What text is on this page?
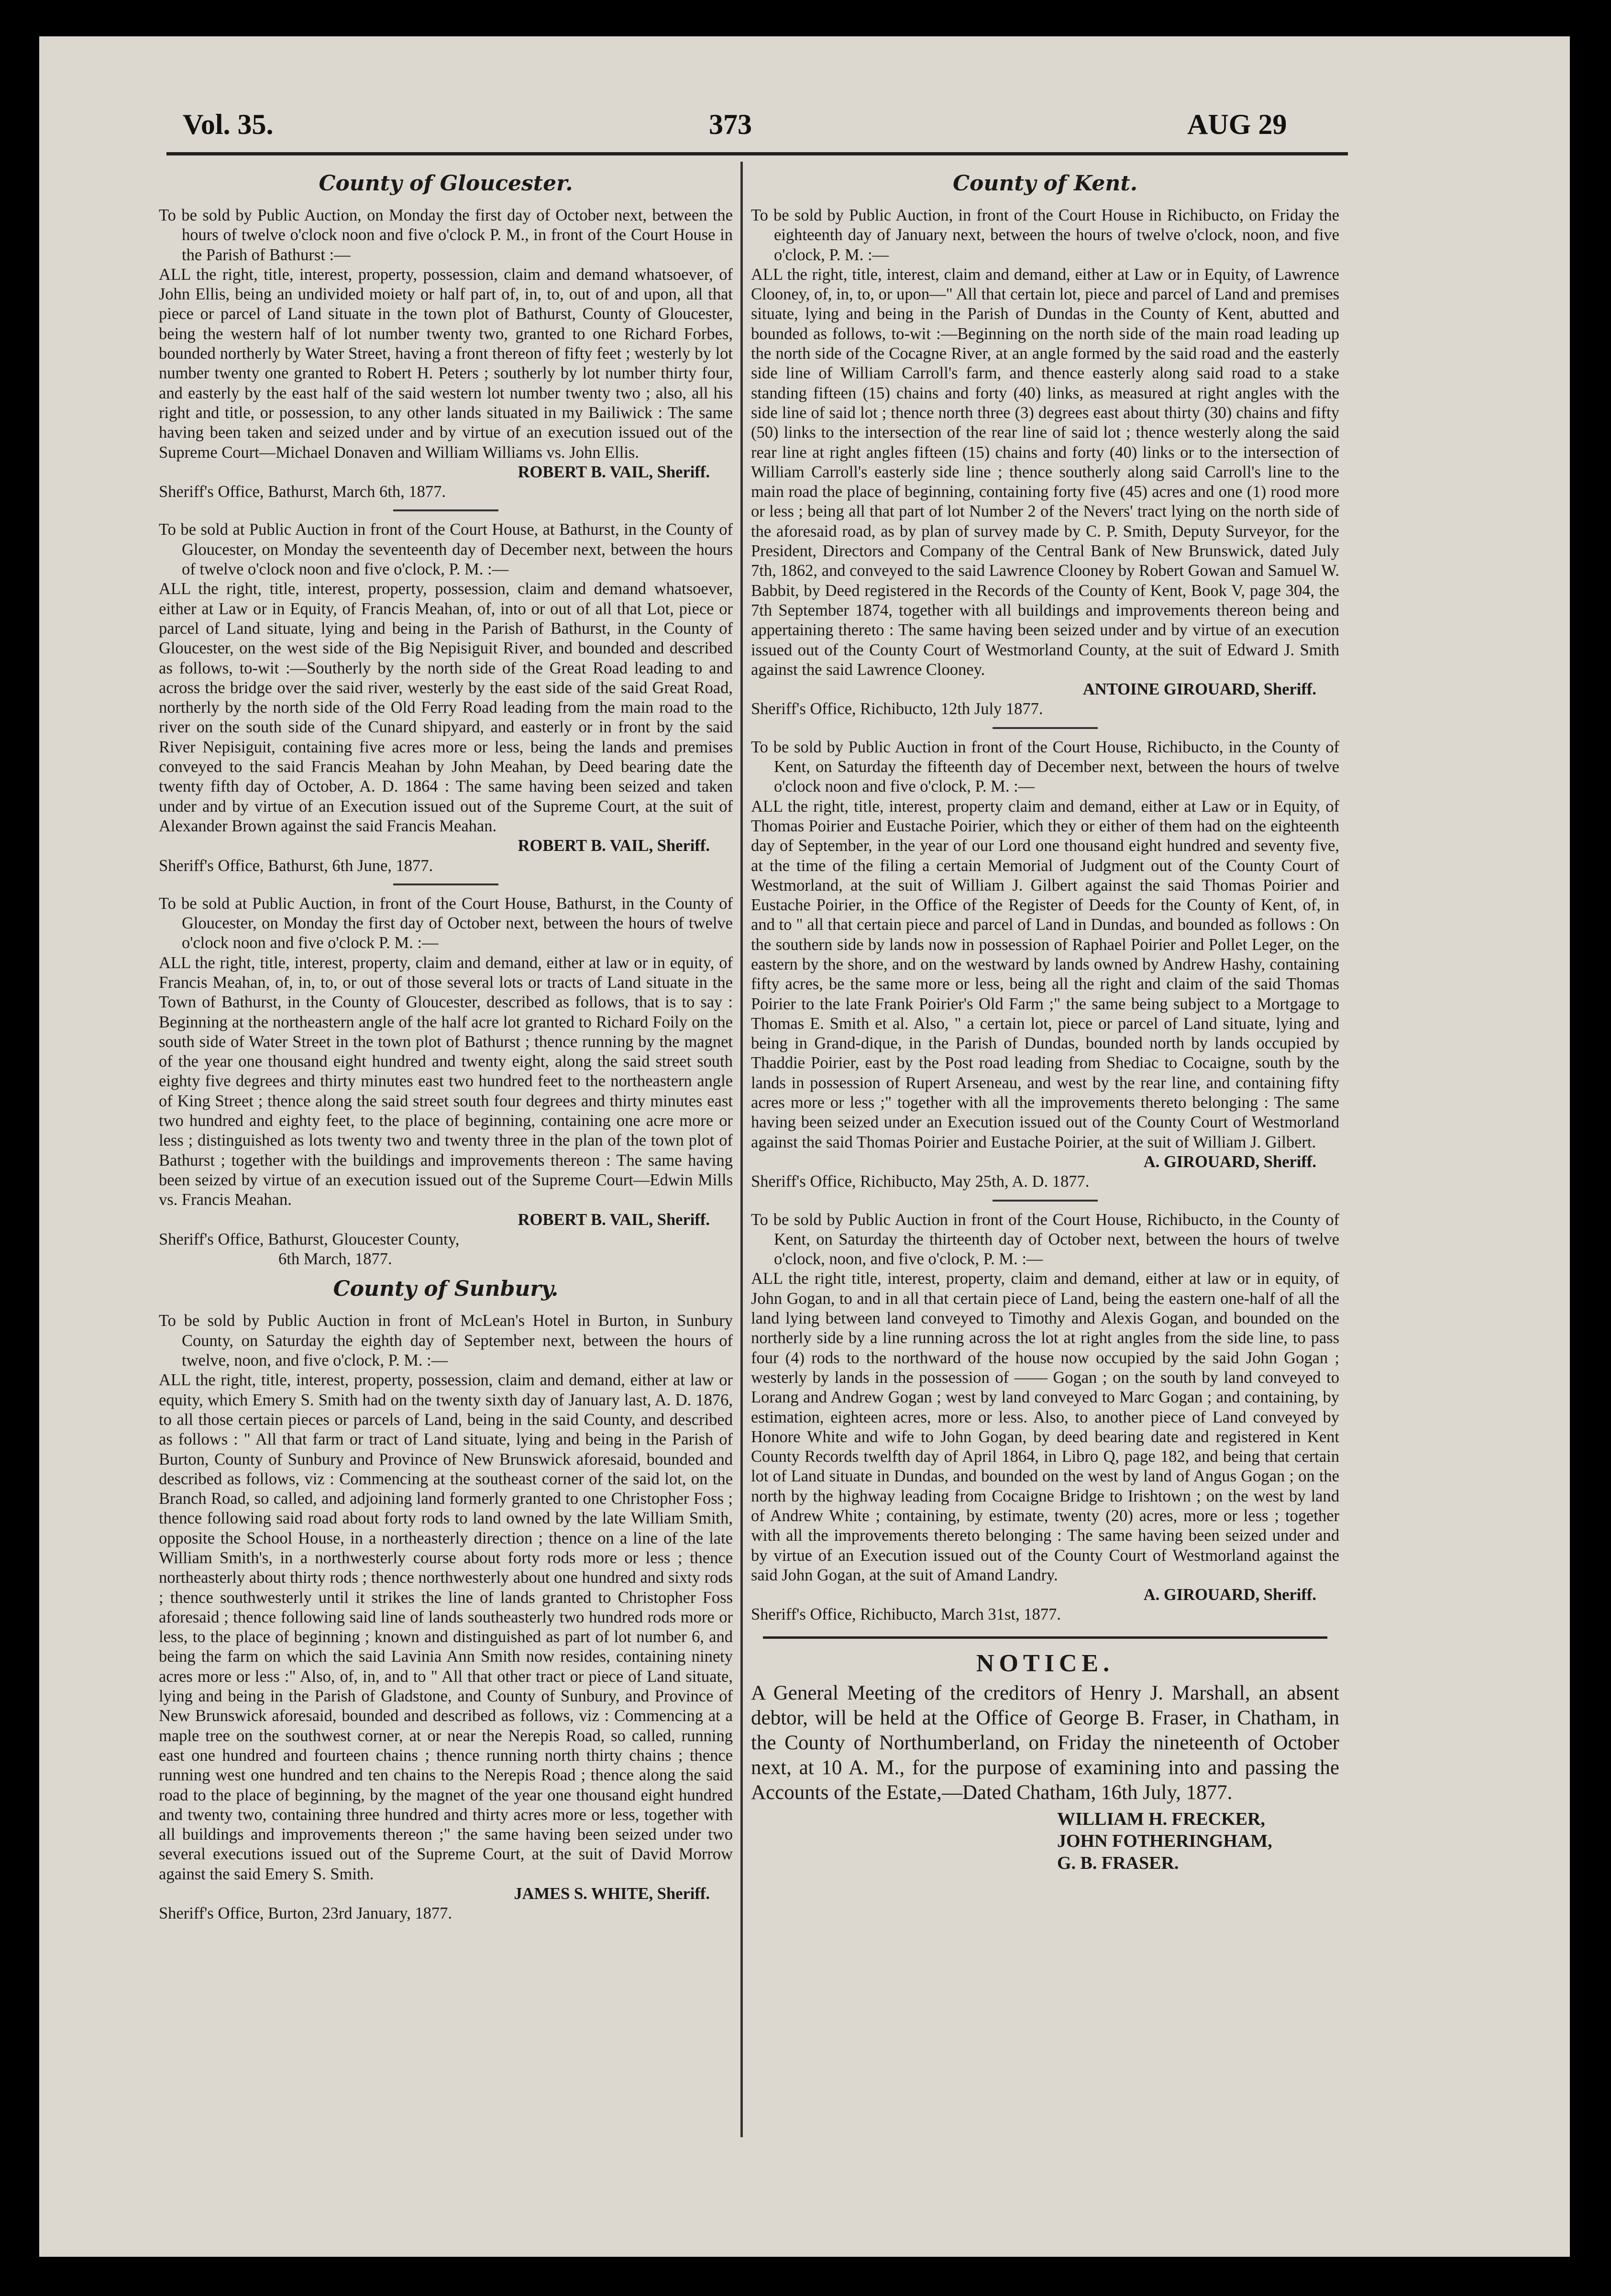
Vol. 35.	373	AUG 29
County of Gloucester.

To be sold by Public Auction, on Monday the first day of October next, between the hours of twelve o'clock noon and five o'clock P. M., in front of the Court House in the Parish of Bathurst :—

ALL the right, title, interest, property, possession, claim and demand whatsoever, of John Ellis, being an undivided moiety or half part of, in, to, out of and upon, all that piece or parcel of Land situate in the town plot of Bathurst, County of Gloucester, being the western half of lot number twenty two, granted to one Richard Forbes, bounded northerly by Water Street, having a front thereon of fifty feet ; westerly by lot number twenty one granted to Robert H. Peters ; southerly by lot number thirty four, and easterly by the east half of the said western lot number twenty two ; also, all his right and title, or possession, to any other lands situated in my Bailiwick : The same having been taken and seized under and by virtue of an execution issued out of the Supreme Court—Michael Donaven and William Williams vs. John Ellis.

ROBERT B. VAIL, Sheriff.

Sheriff's Office, Bathurst, March 6th, 1877.

To be sold at Public Auction in front of the Court House, at Bathurst, in the County of Gloucester, on Monday the seventeenth day of December next, between the hours of twelve o'clock noon and five o'clock, P. M. :—

ALL the right, title, interest, property, possession, claim and demand whatsoever, either at Law or in Equity, of Francis Meahan, of, into or out of all that Lot, piece or parcel of Land situate, lying and being in the Parish of Bathurst, in the County of Gloucester, on the west side of the Big Nepisiguit River, and bounded and described as follows, to-wit :—Southerly by the north side of the Great Road leading to and across the bridge over the said river, westerly by the east side of the said Great Road, northerly by the north side of the Old Ferry Road leading from the main road to the river on the south side of the Cunard shipyard, and easterly or in front by the said River Nepisiguit, containing five acres more or less, being the lands and premises conveyed to the said Francis Meahan by John Meahan, by Deed bearing date the twenty fifth day of October, A. D. 1864 : The same having been seized and taken under and by virtue of an Execution issued out of the Supreme Court, at the suit of Alexander Brown against the said Francis Meahan.

ROBERT B. VAIL, Sheriff.

Sheriff's Office, Bathurst, 6th June, 1877.

To be sold at Public Auction, in front of the Court House, Bathurst, in the County of Gloucester, on Monday the first day of October next, between the hours of twelve o'clock noon and five o'clock P. M. :—

ALL the right, title, interest, property, claim and demand, either at law or in equity, of Francis Meahan, of, in, to, or out of those several lots or tracts of Land situate in the Town of Bathurst, in the County of Gloucester, described as follows, that is to say : Beginning at the northeastern angle of the half acre lot granted to Richard Foily on the south side of Water Street in the town plot of Bathurst ; thence running by the magnet of the year one thousand eight hundred and twenty eight, along the said street south eighty five degrees and thirty minutes east two hundred feet to the northeastern angle of King Street ; thence along the said street south four degrees and thirty minutes east two hundred and eighty feet, to the place of beginning, containing one acre more or less ; distinguished as lots twenty two and twenty three in the plan of the town plot of Bathurst ; together with the buildings and improvements thereon : The same having been seized by virtue of an execution issued out of the Supreme Court—Edwin Mills vs. Francis Meahan.

ROBERT B. VAIL, Sheriff.

Sheriff's Office, Bathurst, Gloucester County,

6th March, 1877.

County of Sunbury.

To be sold by Public Auction in front of McLean's Hotel in Burton, in Sunbury County, on Saturday the eighth day of September next, between the hours of twelve, noon, and five o'clock, P. M. :—

ALL the right, title, interest, property, possession, claim and demand, either at law or equity, which Emery S. Smith had on the twenty sixth day of January last, A. D. 1876, to all those certain pieces or parcels of Land, being in the said County, and described as follows : " All that farm or tract of Land situate, lying and being in the Parish of Burton, County of Sunbury and Province of New Brunswick aforesaid, bounded and described as follows, viz : Commencing at the southeast corner of the said lot, on the Branch Road, so called, and adjoining land formerly granted to one Christopher Foss ; thence following said road about forty rods to land owned by the late William Smith, opposite the School House, in a northeasterly direction ; thence on a line of the late William Smith's, in a northwesterly course about forty rods more or less ; thence northeasterly about thirty rods ; thence northwesterly about one hundred and sixty rods ; thence southwesterly until it strikes the line of lands granted to Christopher Foss aforesaid ; thence following said line of lands southeasterly two hundred rods more or less, to the place of beginning ; known and distinguished as part of lot number 6, and being the farm on which the said Lavinia Ann Smith now resides, containing ninety acres more or less :" Also, of, in, and to " All that other tract or piece of Land situate, lying and being in the Parish of Gladstone, and County of Sunbury, and Province of New Brunswick aforesaid, bounded and described as follows, viz : Commencing at a maple tree on the southwest corner, at or near the Nerepis Road, so called, running east one hundred and fourteen chains ; thence running north thirty chains ; thence running west one hundred and ten chains to the Nerepis Road ; thence along the said road to the place of beginning, by the magnet of the year one thousand eight hundred and twenty two, containing three hundred and thirty acres more or less, together with all buildings and improvements thereon ;" the same having been seized under two several executions issued out of the Supreme Court, at the suit of David Morrow against the said Emery S. Smith.

JAMES S. WHITE, Sheriff.

Sheriff's Office, Burton, 23rd January, 1877.

County of Kent.

To be sold by Public Auction, in front of the Court House in Richibucto, on Friday the eighteenth day of January next, between the hours of twelve o'clock, noon, and five o'clock, P. M. :—

ALL the right, title, interest, claim and demand, either at Law or in Equity, of Lawrence Clooney, of, in, to, or upon—" All that certain lot, piece and parcel of Land and premises situate, lying and being in the Parish of Dundas in the County of Kent, abutted and bounded as follows, to-wit :—Beginning on the north side of the main road leading up the north side of the Cocagne River, at an angle formed by the said road and the easterly side line of William Carroll's farm, and thence easterly along said road to a stake standing fifteen (15) chains and forty (40) links, as measured at right angles with the side line of said lot ; thence north three (3) degrees east about thirty (30) chains and fifty (50) links to the intersection of the rear line of said lot ; thence westerly along the said rear line at right angles fifteen (15) chains and forty (40) links or to the intersection of William Carroll's easterly side line ; thence southerly along said Carroll's line to the main road the place of beginning, containing forty five (45) acres and one (1) rood more or less ; being all that part of lot Number 2 of the Nevers' tract lying on the north side of the aforesaid road, as by plan of survey made by C. P. Smith, Deputy Surveyor, for the President, Directors and Company of the Central Bank of New Brunswick, dated July 7th, 1862, and conveyed to the said Lawrence Clooney by Robert Gowan and Samuel W. Babbit, by Deed registered in the Records of the County of Kent, Book V, page 304, the 7th September 1874, together with all buildings and improvements thereon being and appertaining thereto : The same having been seized under and by virtue of an execution issued out of the County Court of Westmorland County, at the suit of Edward J. Smith against the said Lawrence Clooney.

ANTOINE GIROUARD, Sheriff.

Sheriff's Office, Richibucto, 12th July 1877.

To be sold by Public Auction in front of the Court House, Richibucto, in the County of Kent, on Saturday the fifteenth day of December next, between the hours of twelve o'clock noon and five o'clock, P. M. :—

ALL the right, title, interest, property claim and demand, either at Law or in Equity, of Thomas Poirier and Eustache Poirier, which they or either of them had on the eighteenth day of September, in the year of our Lord one thousand eight hundred and seventy five, at the time of the filing a certain Memorial of Judgment out of the County Court of Westmorland, at the suit of William J. Gilbert against the said Thomas Poirier and Eustache Poirier, in the Office of the Register of Deeds for the County of Kent, of, in and to " all that certain piece and parcel of Land in Dundas, and bounded as follows : On the southern side by lands now in possession of Raphael Poirier and Pollet Leger, on the eastern by the shore, and on the westward by lands owned by Andrew Hashy, containing fifty acres, be the same more or less, being all the right and claim of the said Thomas Poirier to the late Frank Poirier's Old Farm ;" the same being subject to a Mortgage to Thomas E. Smith et al. Also, " a certain lot, piece or parcel of Land situate, lying and being in Grand-dique, in the Parish of Dundas, bounded north by lands occupied by Thaddie Poirier, east by the Post road leading from Shediac to Cocaigne, south by the lands in possession of Rupert Arseneau, and west by the rear line, and containing fifty acres more or less ;" together with all the improvements thereto belonging : The same having been seized under an Execution issued out of the County Court of Westmorland against the said Thomas Poirier and Eustache Poirier, at the suit of William J. Gilbert.

A. GIROUARD, Sheriff.

Sheriff's Office, Richibucto, May 25th, A. D. 1877.

To be sold by Public Auction in front of the Court House, Richibucto, in the County of Kent, on Saturday the thirteenth day of October next, between the hours of twelve o'clock, noon, and five o'clock, P. M. :—

ALL the right title, interest, property, claim and demand, either at law or in equity, of John Gogan, to and in all that certain piece of Land, being the eastern one-half of all the land lying between land conveyed to Timothy and Alexis Gogan, and bounded on the northerly side by a line running across the lot at right angles from the side line, to pass four (4) rods to the northward of the house now occupied by the said John Gogan ; westerly by lands in the possession of —— Gogan ; on the south by land conveyed to Lorang and Andrew Gogan ; west by land conveyed to Marc Gogan ; and containing, by estimation, eighteen acres, more or less. Also, to another piece of Land conveyed by Honore White and wife to John Gogan, by deed bearing date and registered in Kent County Records twelfth day of April 1864, in Libro Q, page 182, and being that certain lot of Land situate in Dundas, and bounded on the west by land of Angus Gogan ; on the north by the highway leading from Cocaigne Bridge to Irishtown ; on the west by land of Andrew White ; containing, by estimate, twenty (20) acres, more or less ; together with all the improvements thereto belonging : The same having been seized under and by virtue of an Execution issued out of the County Court of Westmorland against the said John Gogan, at the suit of Amand Landry.

A. GIROUARD, Sheriff.

Sheriff's Office, Richibucto, March 31st, 1877.

NOTICE.

A General Meeting of the creditors of Henry J. Marshall, an absent debtor, will be held at the Office of George B. Fraser, in Chatham, in the County of Northumberland, on Friday the nineteenth of October next, at 10 A. M., for the purpose of examining into and passing the Accounts of the Estate,—Dated Chatham, 16th July, 1877.

WILLIAM H. FRECKER,
JOHN FOTHERINGHAM,
G. B. FRASER.
